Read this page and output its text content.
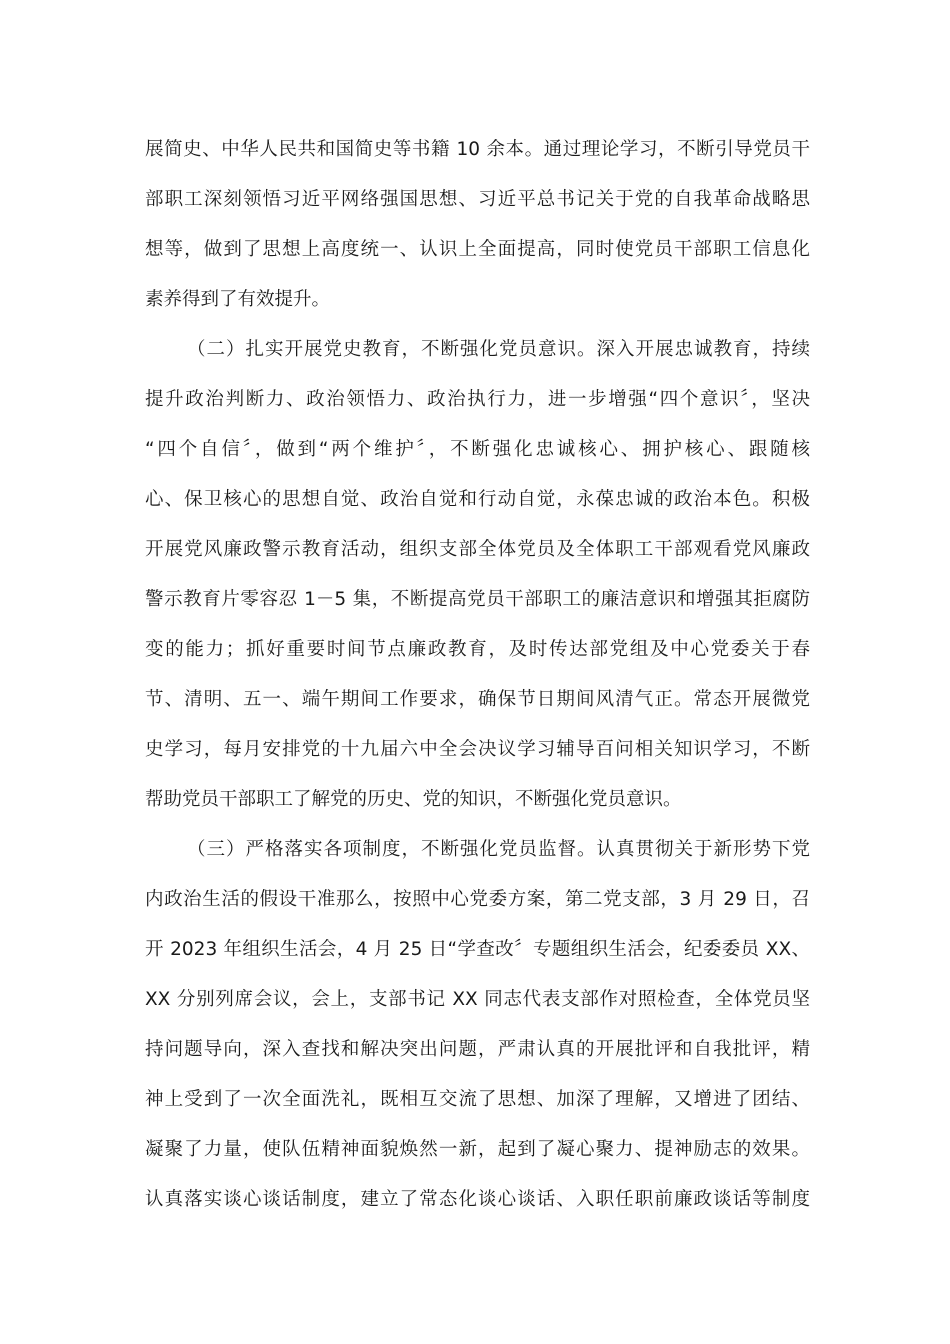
展简史、中华人民共和国简史等书籍 10 余本。通过理论学习，不断引导党员干
部职工深刻领悟习近平网络强国思想、习近平总书记关于党的自我革命战略思
想等，做到了思想上高度统一、认识上全面提高，同时使党员干部职工信息化
素养得到了有效提升。
（二）扎实开展党史教育，不断强化党员意识。深入开展忠诚教育，持续
提升政治判断力、政治领悟力、政治执行力，进一步增强“四个意识〞，坚决
“四个自信〞，做到“两个维护〞，不断强化忠诚核心、拥护核心、跟随核
心、保卫核心的思想自觉、政治自觉和行动自觉，永葆忠诚的政治本色。积极
开展党风廉政警示教育活动，组织支部全体党员及全体职工干部观看党风廉政
警示教育片零容忍 1－5 集，不断提高党员干部职工的廉洁意识和增强其拒腐防
变的能力；抓好重要时间节点廉政教育，及时传达部党组及中心党委关于春
节、清明、五一、端午期间工作要求，确保节日期间风清气正。常态开展微党
史学习，每月安排党的十九届六中全会决议学习辅导百问相关知识学习，不断
帮助党员干部职工了解党的历史、党的知识，不断强化党员意识。
（三）严格落实各项制度，不断强化党员监督。认真贯彻关于新形势下党
内政治生活的假设干准那么，按照中心党委方案，第二党支部，3 月 29 日，召
开 2023 年组织生活会，4 月 25 日“学查改〞专题组织生活会，纪委委员 XX、
XX 分别列席会议，会上，支部书记 XX 同志代表支部作对照检查，全体党员坚
持问题导向，深入查找和解决突出问题，严肃认真的开展批评和自我批评，精
神上受到了一次全面洗礼，既相互交流了思想、加深了理解，又增进了团结、
凝聚了力量，使队伍精神面貌焕然一新，起到了凝心聚力、提神励志的效果。
认真落实谈心谈话制度，建立了常态化谈心谈话、入职任职前廉政谈话等制度
